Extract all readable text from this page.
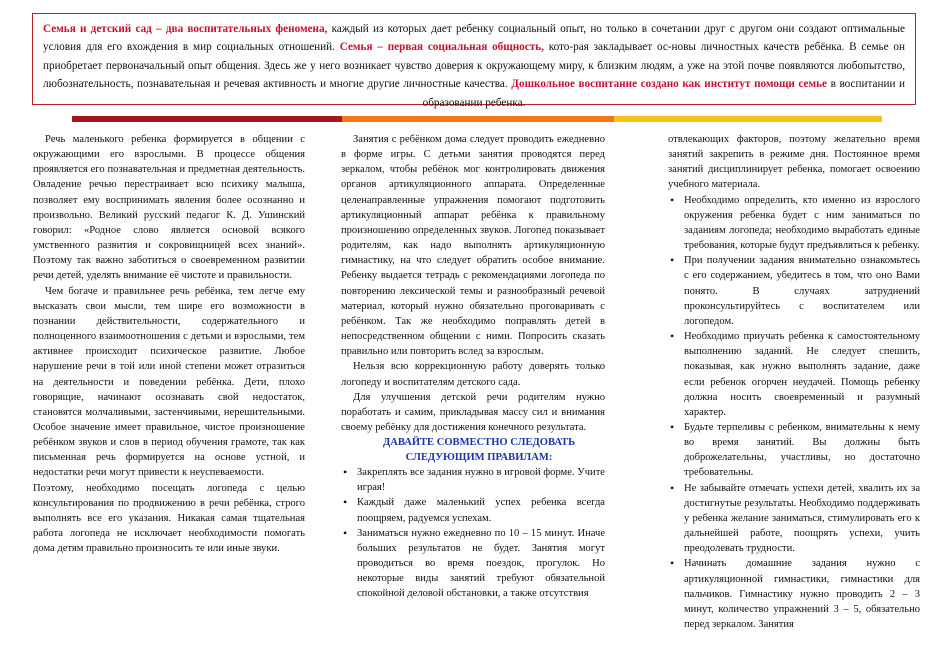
Семья и детский сад – два воспитательных феномена, каждый из которых дает ребенку социальный опыт, но только в сочетании друг с другом они создают оптимальные условия для его вхождения в мир социальных отношений. Семья – первая социальная общность, кото-рая закладывает ос-новы личностных качеств ребёнка. В семье он приобретает первоначальный опыт общения. Здесь же у него возникает чувство доверия к окружающему миру, к близким людям, а уже на этой почве появляются любопытство, любознательность, познавательная и речевая активность и многие другие личностные качества. Дошкольное воспитание создано как институт помощи семье в воспитании и образовании ребенка.

Речь маленького ребенка формируется в общении с окружающими его взрослыми. В процессе общения проявляется его познавательная и предметная деятельность. Овладение речью перестраивает всю психику малыша, позволяет ему воспринимать явления более осознанно и произвольно. Великий русский педагог К. Д. Ушинский говорил: «Родное слово является основой всякого умственного развития и сокровищницей всех знаний». Поэтому так важно заботиться о своевременном развитии речи детей, уделять внимание её чистоте и правильности.

Чем богаче и правильнее речь ребёнка, тем легче ему высказать свои мысли, тем шире его возможности в познании действительности, содержательного и полноценного взаимоотношения с детьми и взрослыми, тем активнее происходит психическое развитие. Любое нарушение речи в той или иной степени может отразиться на деятельности и поведении ребёнка. Дети, плохо говорящие, начинают осознавать свой недостаток, становятся молчаливыми, застенчивыми, нерешительными. Особое значение имеет правильное, чистое произношение ребёнком звуков и слов в период обучения грамоте, так как письменная речь формируется на основе устной, и недостатки речи могут привести к неуспеваемости.

Поэтому, необходимо посещать логопеда с целью консультирования по продвижению в речи ребёнка, строго выполнять все его указания. Никакая самая тщательная работа логопеда не исключает необходимости помогать дома детям правильно произносить те или иные звуки.

Занятия с ребёнком дома следует проводить ежедневно в форме игры. С детьми занятия проводятся перед зеркалом, чтобы ребёнок мог контролировать движения органов артикуляционного аппарата. Определенные целенаправленные упражнения помогают подготовить артикуляционный аппарат ребёнка к правильному произношению определенных звуков. Логопед показывает родителям, как надо выполнять артикуляционную гимнастику, на что следует обратить особое внимание. Ребенку выдается тетрадь с рекомендациями логопеда по повторению лексической темы и разнообразный речевой материал, который нужно обязательно проговаривать с ребёнком. Так же необходимо поправлять детей в непосредственном общении с ними. Попросить сказать правильно или повторить вслед за взрослым.

Нельзя всю коррекционную работу доверять только логопеду и воспитателям детского сада.

Для улучшения детской речи родителям нужно поработать и самим, прикладывая массу сил и внимания своему ребёнку для достижения конечного результата.

ДАВАЙТЕ СОВМЕСТНО СЛЕДОВАТЬ

СЛЕДУЮЩИМ ПРАВИЛАМ:

• Закреплять все задания нужно в игровой форме. Учите играя!
• Каждый даже маленький успех ребенка всегда поощряем, радуемся успехам.
• Заниматься нужно ежедневно по 10 – 15 минут. Иначе больших результатов не будет. Занятия могут проводиться во время поездок, прогулок. Но некоторые виды занятий требуют обязательной спокойной деловой обстановки, а также отсутствия

отвлекающих факторов, поэтому желательно время занятий закрепить в режиме дня. Постоянное время занятий дисциплинирует ребенка, помогает освоению учебного материала.

• Необходимо определить, кто именно из взрослого окружения ребенка будет с ним заниматься по заданиям логопеда; необходимо выработать единые требования, которые будут предъявляться к ребенку.
• При получении задания внимательно ознакомьтесь с его содержанием, убедитесь в том, что оно Вами понято. В случаях затруднений проконсультируйтесь с воспитателем или логопедом.
• Необходимо приучать ребенка к самостоятельному выполнению заданий. Не следует спешить, показывая, как нужно выполнять задание, даже если ребенок огорчен неудачей. Помощь ребенку должна носить своевременный и разумный характер.
• Будьте терпеливы с ребенком, внимательны к нему во время занятий. Вы должны быть доброжелательны, участливы, но достаточно требовательны.
• Не забывайте отмечать успехи детей, хвалить их за достигнутые результаты. Необходимо поддерживать у ребенка желание заниматься, стимулировать его к дальнейшей работе, поощрять успехи, учить преодолевать трудности.
• Начинать домашние задания нужно с артикуляционной гимнастики, гимнастики для пальчиков. Гимнастику нужно проводить 2 – 3 минут, количество упражнений 3 – 5, обязательно перед зеркалом. Занятия
